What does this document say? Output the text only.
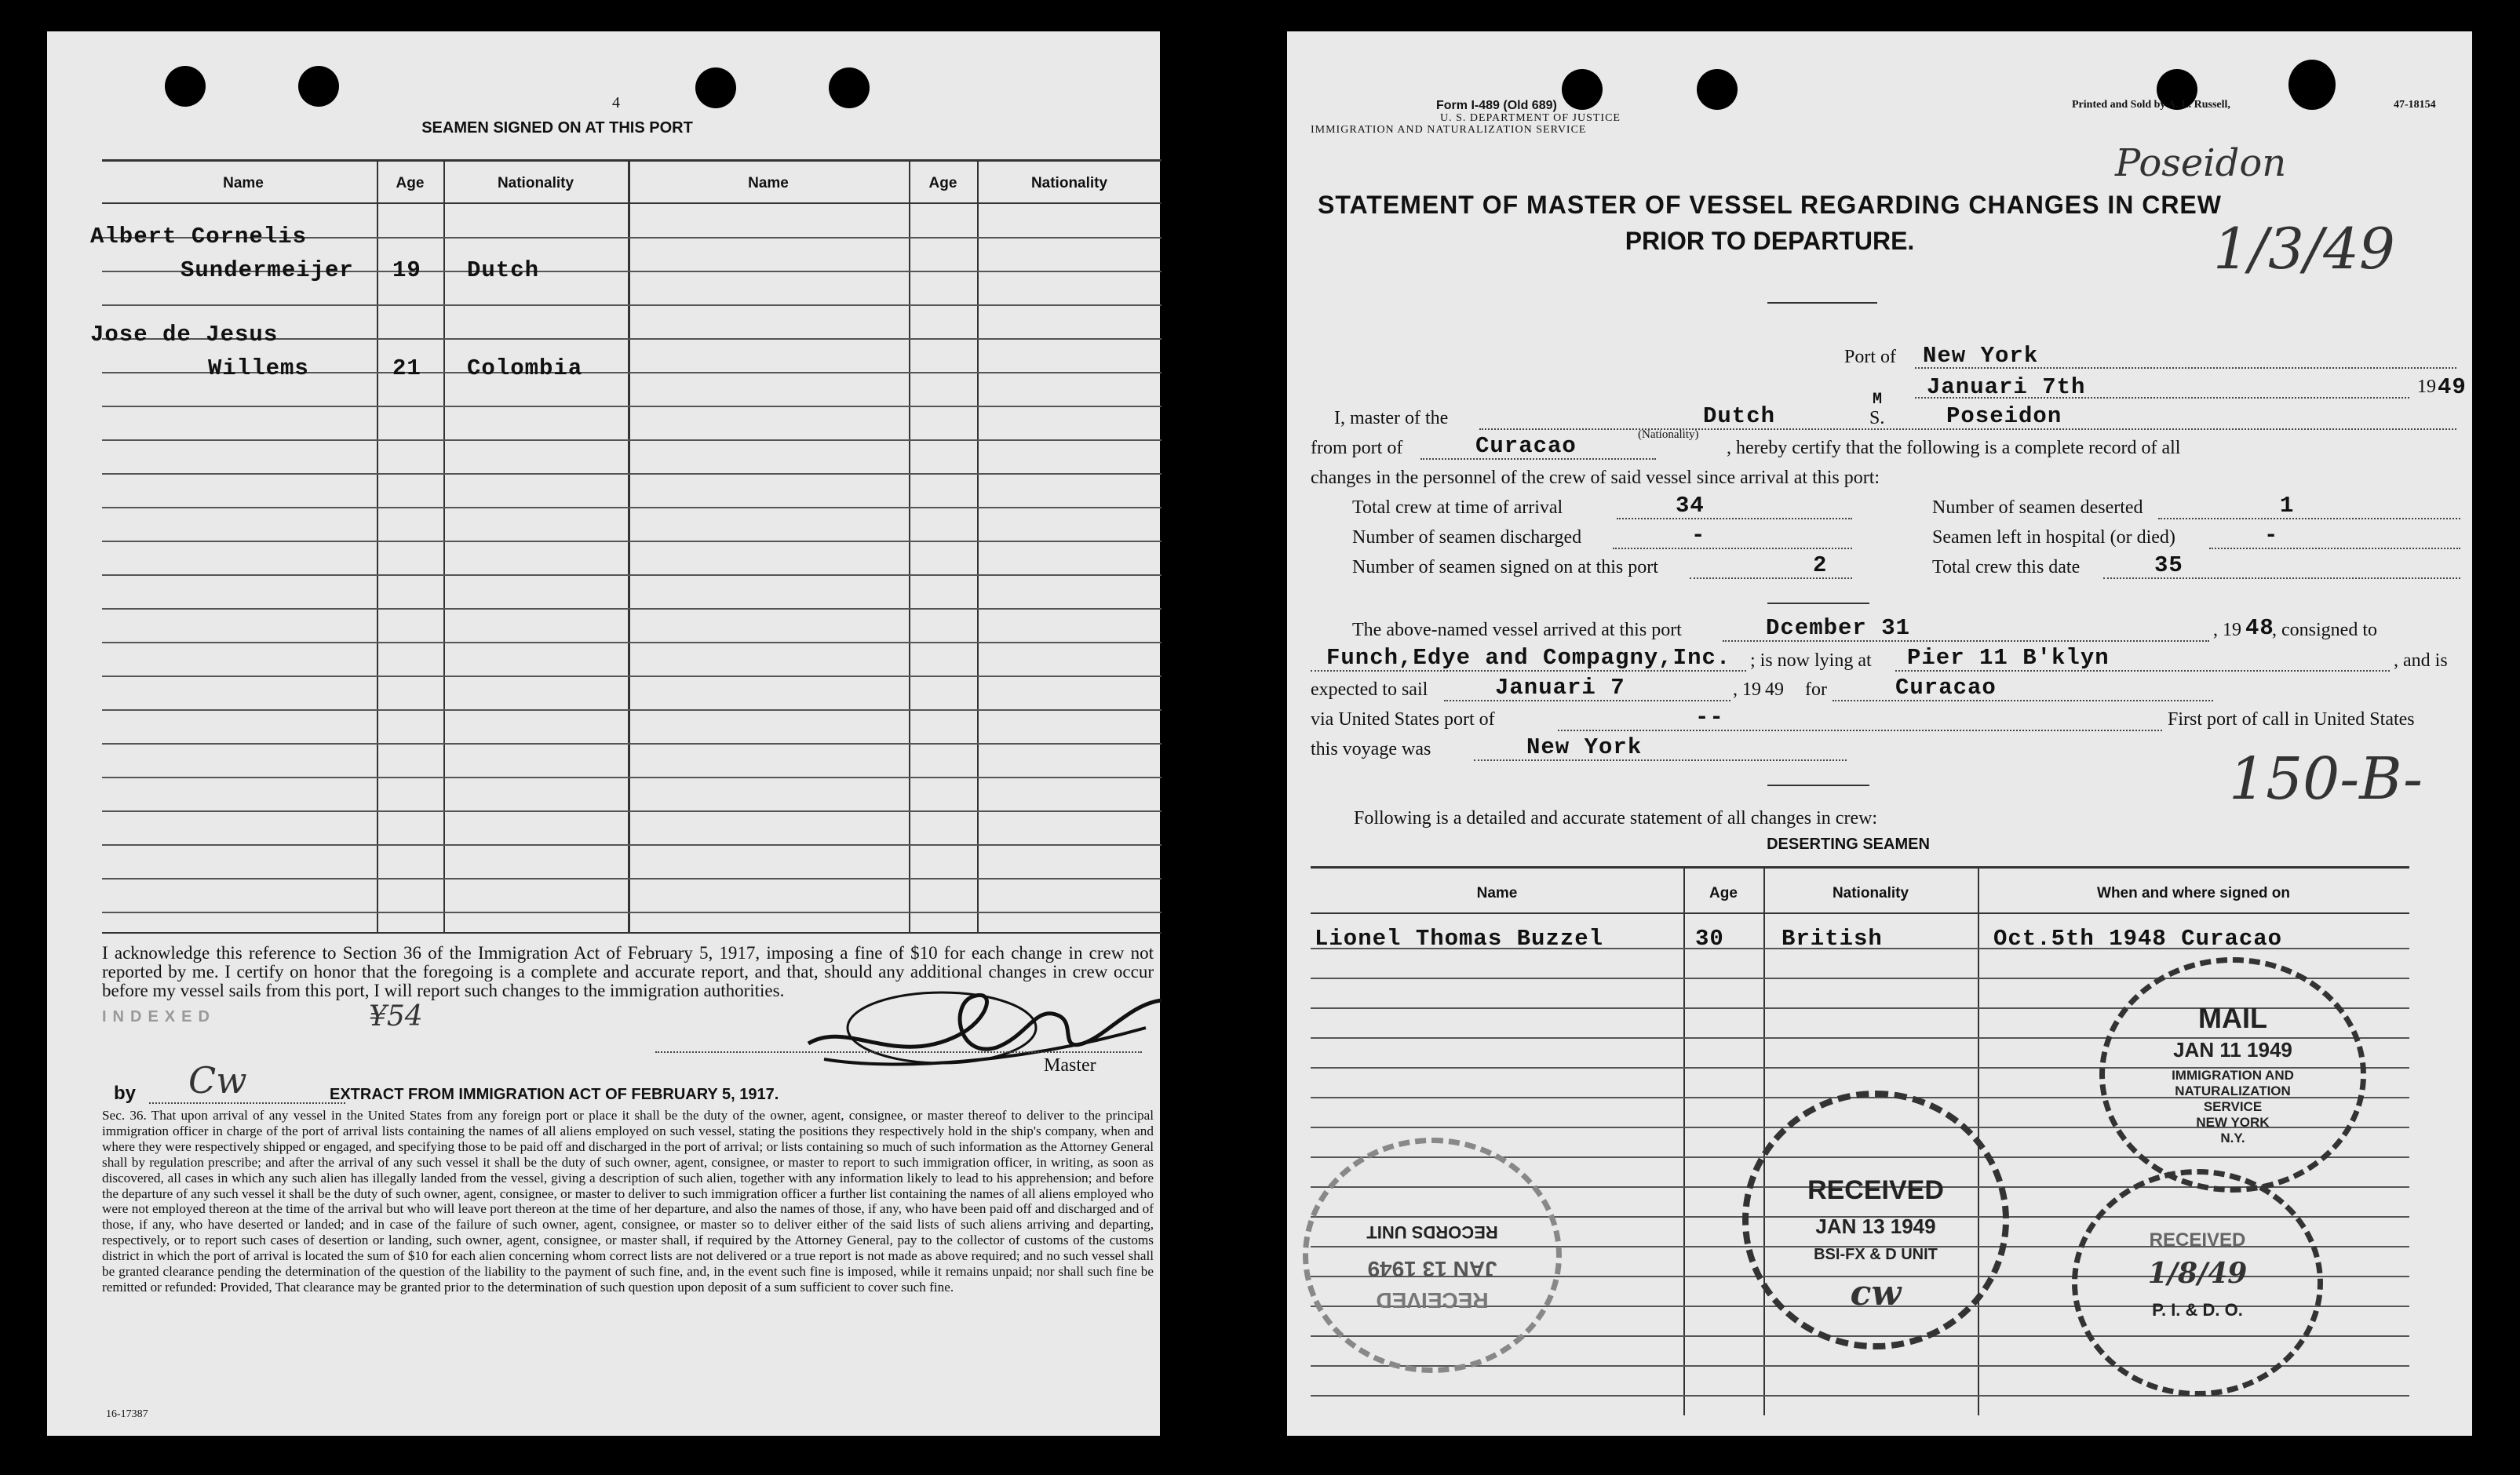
4
SEAMEN SIGNED ON AT THIS PORT
Name	Age	Nationality	Name	Age	Nationality
Albert Cornelis
Sundermeijer 19 Dutch
Jose de Jesus
Willems	21 Colombia

I acknowledge this reference to Section 36 of the Immigration Act of February 5, 1917, imposing a fine of $10 for each change in crew not reported by me. I certify on honor that the foregoing is a complete and accurate report, and that, should any additional changes in crew occur before my vessel sails from this port, I will report such changes to the immigration authorities.

INDEXED	¥54
Master
by Cw	EXTRACT FROM IMMIGRATION ACT OF FEBRUARY 5, 1917.

Sec. 36. That upon arrival of any vessel in the United States from any foreign port or place it shall be the duty of the owner, agent, consignee, or master thereof to deliver to the principal immigration officer in charge of the port of arrival lists containing the names of all aliens employed on such vessel, stating the positions they respectively hold in the ship's company, when and where they were respectively shipped or engaged, and specifying those to be paid off and discharged in the port of arrival; or lists containing so much of such information as the Attorney General shall by regulation prescribe; and after the arrival of any such vessel it shall be the duty of such owner, agent, consignee, or master to report to such immigration officer, in writing, as soon as discovered, all cases in which any such alien has illegally landed from the vessel, giving a description of such alien, together with any information likely to lead to his apprehension; and before the departure of any such vessel it shall be the duty of such owner, agent, consignee, or master to deliver to such immigration officer a further list containing the names of all aliens employed who were not employed thereon at the time of the arrival but who will leave port thereon at the time of her departure, and also the names of those, if any, who have been paid off and discharged and of those, if any, who have deserted or landed; and in case of the failure of such owner, agent, consignee, or master so to deliver either of the said lists of such aliens arriving and departing, respectively, or to report such cases of desertion or landing, such owner, agent, consignee, or master shall, if required by the Attorney General, pay to the collector of customs of the customs district in which the port of arrival is located the sum of $10 for each alien concerning whom correct lists are not delivered or a true report is not made as above required; and no such vessel shall be granted clearance pending the determination of the question of the liability to the payment of such fine, and, in the event such fine is imposed, while it remains unpaid; nor shall such fine be remitted or refunded: Provided, That clearance may be granted prior to the determination of such question upon deposit of a sum sufficient to cover such fine.

16-17387
Form I-489 (Old 689)
U. S. DEPARTMENT OF JUSTICE
IMMIGRATION AND NATURALIZATION SERVICE
Printed and Sold by A. L. Russell,	47-18154
Poseidon
1/3/49
150-B-
STATEMENT OF MASTER OF VESSEL REGARDING CHANGES IN CREW
PRIOR TO DEPARTURE.
Port of New York
Januari 7th	19 49
I, master of the	Dutch
(Nationality)
M
S.	Poseidon
from port of	Curacao	, hereby certify that the following is a complete record of all
changes in the personnel of the crew of said vessel since arrival at this port:
Total crew at time of arrival	34
Number of seamen discharged	-
Number of seamen signed on at this port	2
Number of seamen deserted	1
Seamen left in hospital (or died)	-
Total crew this date	35
The above-named vessel arrived at this port	Dcember 31	, 19 48
, consigned to
Funch,Edye and Compagny,Inc. ; is now lying at Pier 11 B'klyn	, and is
expected to sail	Januari 7	, 19 49 for	Curacao
via United States port of	--	First port of call in United States
this voyage was	New York
Following is a detailed and accurate statement of all changes in crew:
DESERTING SEAMEN
Name	Age	Nationality	When and where signed on
Lionel Thomas Buzzel	30	British	Oct.5th 1948 Curacao
MAIL
JAN 11 1949
IMMIGRATION AND
NATURALIZATION
SERVICE
NEW YORK
N.Y.
RECEIVED
JAN 13 1949
BSI-FX & D UNIT
cw
RECEIVED
JAN 13 1949
RECORDS UNIT	RECEIVED
1/8/49
P. I. & D. O.
